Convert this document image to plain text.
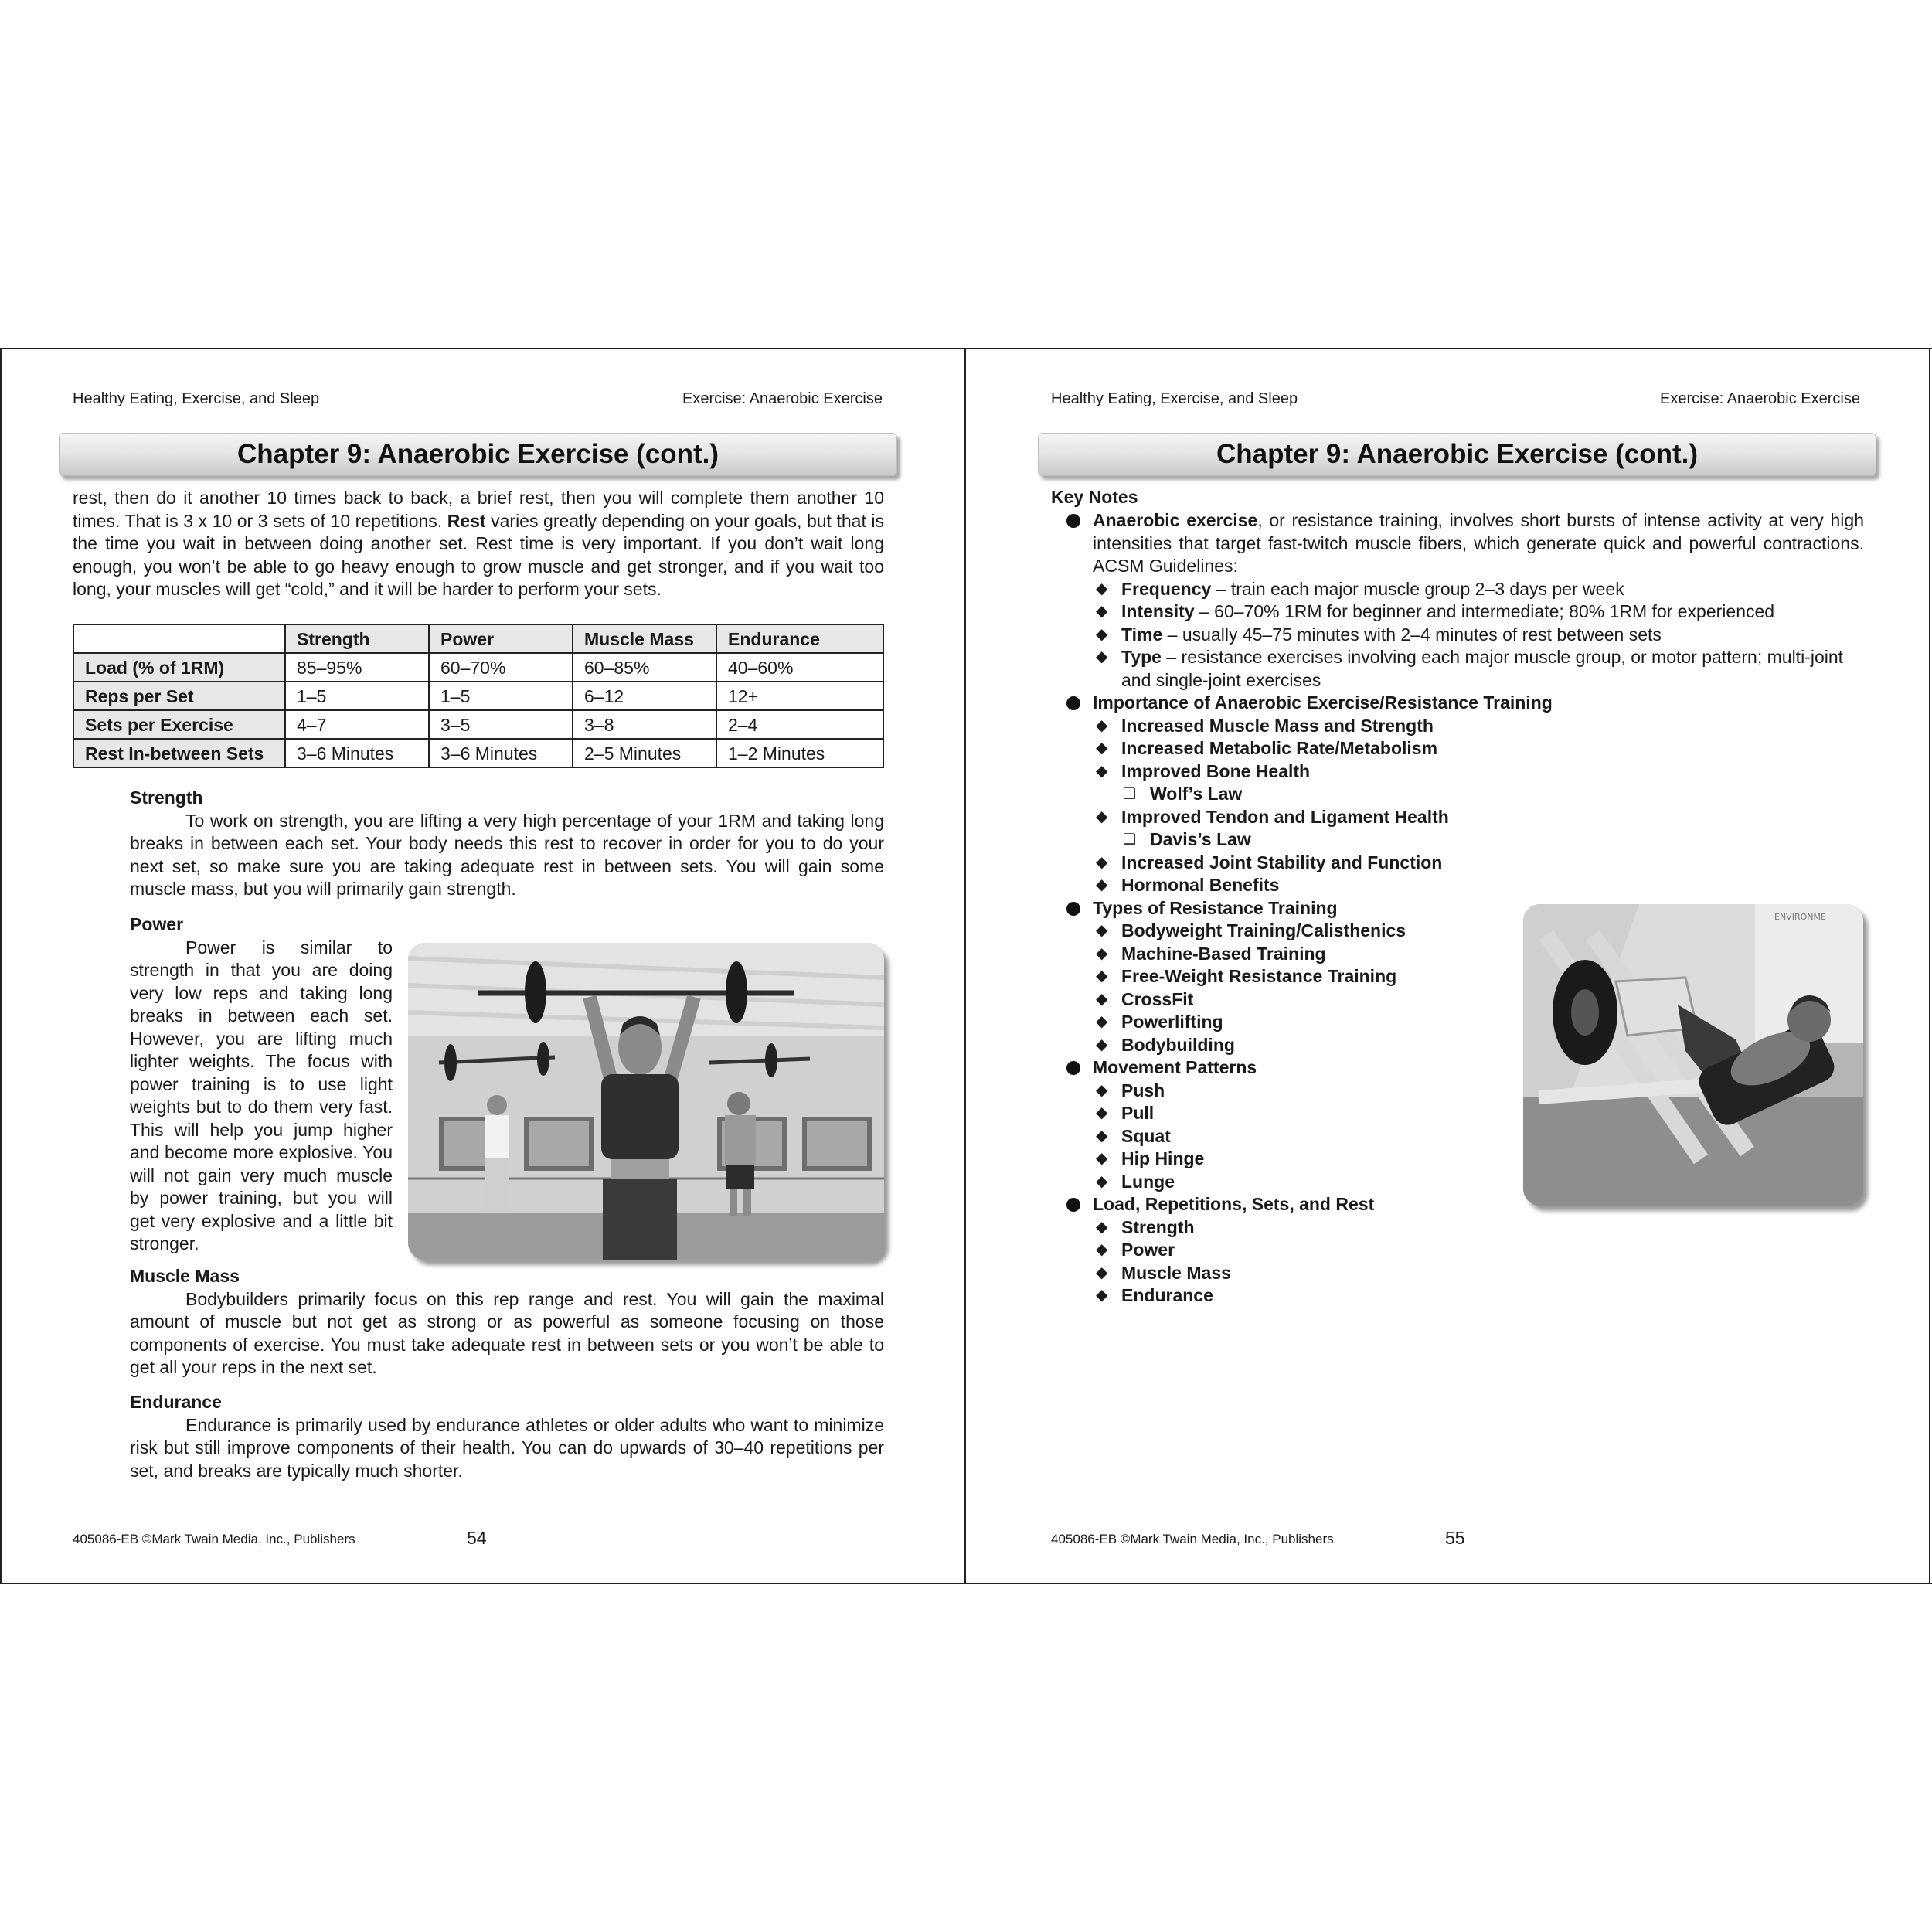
Healthy Eating, Exercise, and Sleep	Exercise: Anaerobic Exercise
Chapter 9: Anaerobic Exercise (cont.)

rest, then do it another 10 times back to back, a brief rest, then you will complete them another 10 times. That is 3 x 10 or 3 sets of 10 repetitions. Rest varies greatly depending on your goals, but that is the time you wait in between doing another set. Rest time is very important. If you don’t wait long enough, you won’t be able to go heavy enough to grow muscle and get stronger, and if you wait too long, your muscles will get “cold,” and it will be harder to perform your sets.

	Strength	Power	Muscle Mass	Endurance
Load (% of 1RM)	85–95%	60–70%	60–85%	40–60%
Reps per Set	1–5	1–5	6–12	12+
Sets per Exercise	4–7	3–5	3–8	2–4
Rest In-between Sets	3–6 Minutes	3–6 Minutes	2–5 Minutes	1–2 Minutes
Strength

To work on strength, you are lifting a very high percentage of your 1RM and taking long breaks in between each set. Your body needs this rest to recover in order for you to do your next set, so make sure you are taking adequate rest in between sets. You will gain some muscle mass, but you will primarily gain strength.

Power

Power is similar to strength in that you are doing very low reps and taking long breaks in between each set. However, you are lifting much lighter weights. The focus with power training is to use light weights but to do them very fast. This will help you jump higher and become more explosive. You will not gain very much muscle by power training, but you will get very explosive and a little bit stronger.

Muscle Mass

Bodybuilders primarily focus on this rep range and rest. You will gain the maximal amount of muscle but not get as strong or as powerful as someone focusing on those components of exercise. You must take adequate rest in between sets or you won’t be able to get all your reps in the next set.

Endurance

Endurance is primarily used by endurance athletes or older adults who want to minimize risk but still improve components of their health. You can do upwards of 30–40 repetitions per set, and breaks are typically much shorter.

405086-EB ©Mark Twain Media, Inc., Publishers	54
Healthy Eating, Exercise, and Sleep	Exercise: Anaerobic Exercise
Chapter 9: Anaerobic Exercise (cont.)
Key Notes
Anaerobic exercise, or resistance training, involves short bursts of intense activity at very high intensities that target fast-twitch muscle fibers, which generate quick and powerful contractions. ACSM Guidelines:
◆ Frequency – train each major muscle group 2–3 days per week
◆ Intensity – 60–70% 1RM for beginner and intermediate; 80% 1RM for experienced
◆ Time – usually 45–75 minutes with 2–4 minutes of rest between sets
◆ Type – resistance exercises involving each major muscle group, or motor pattern; multi-joint and single-joint exercises
Importance of Anaerobic Exercise/Resistance Training
◆ Increased Muscle Mass and Strength
◆ Increased Metabolic Rate/Metabolism
◆ Improved Bone Health
❏ Wolf’s Law
◆ Improved Tendon and Ligament Health
❏ Davis’s Law
◆ Increased Joint Stability and Function
◆ Hormonal Benefits
Types of Resistance Training
◆ Bodyweight Training/Calisthenics
◆ Machine-Based Training
◆ Free-Weight Resistance Training
◆ CrossFit
◆ Powerlifting
◆ Bodybuilding
Movement Patterns
◆ Push
◆ Pull
◆ Squat
◆ Hip Hinge
◆ Lunge
Load, Repetitions, Sets, and Rest
◆ Strength
◆ Power
◆ Muscle Mass
◆ Endurance
ENVIRONME
405086-EB ©Mark Twain Media, Inc., Publishers	55
